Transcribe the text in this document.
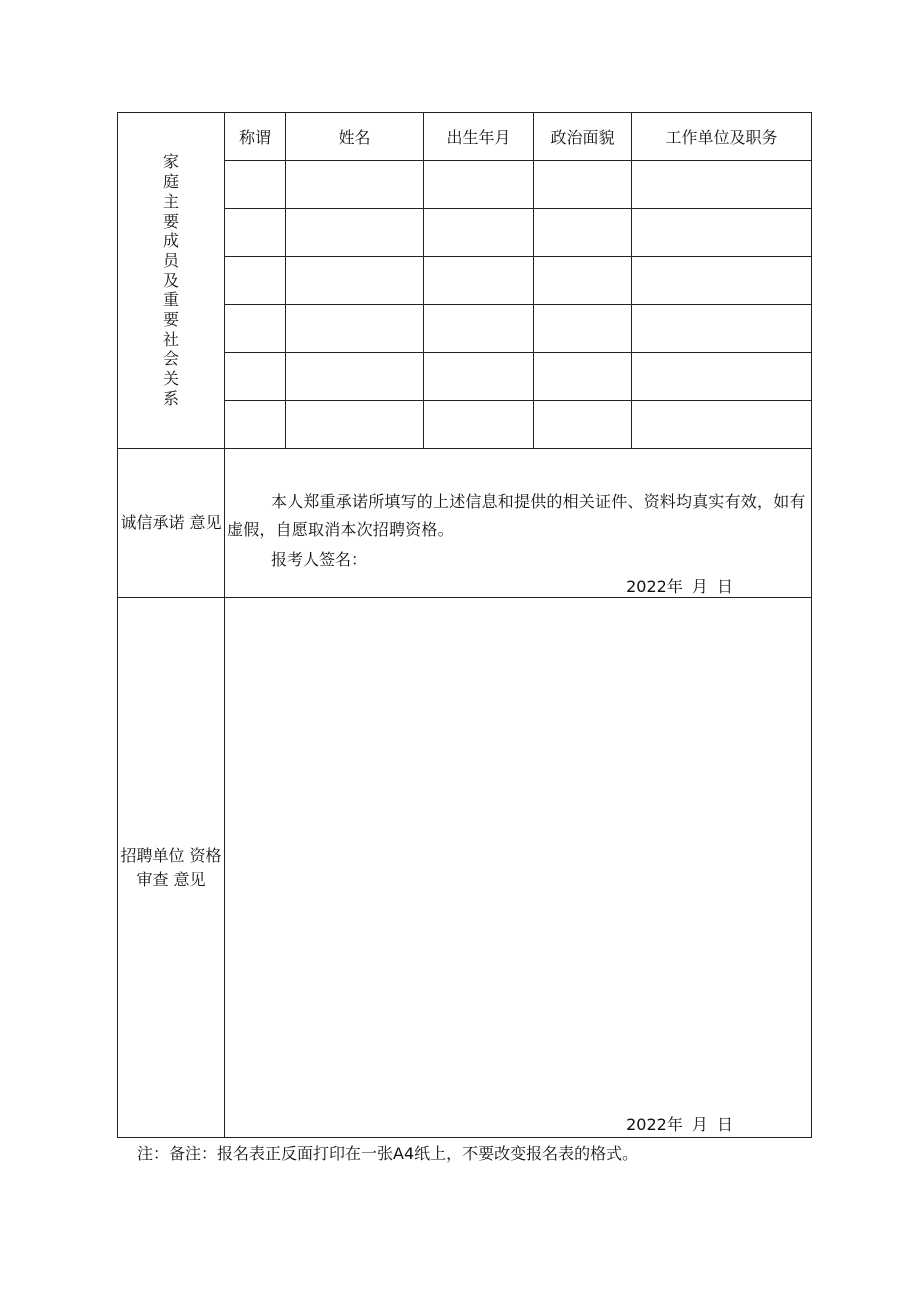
家庭主要成员及重要社会关系	称谓	姓名	出生年月	政治面貌	工作单位及职务

诚信承诺 意见	本人郑重承诺所填写的上述信息和提供的相关证件、资料均真实有效，如有虚假，自愿取消本次招聘资格。
报考人签名：
2022年 月 日				

招聘单位 资格审查 意见	2022年 月 日				
注：备注：报名表正反面打印在一张A4纸上，不要改变报名表的格式。
